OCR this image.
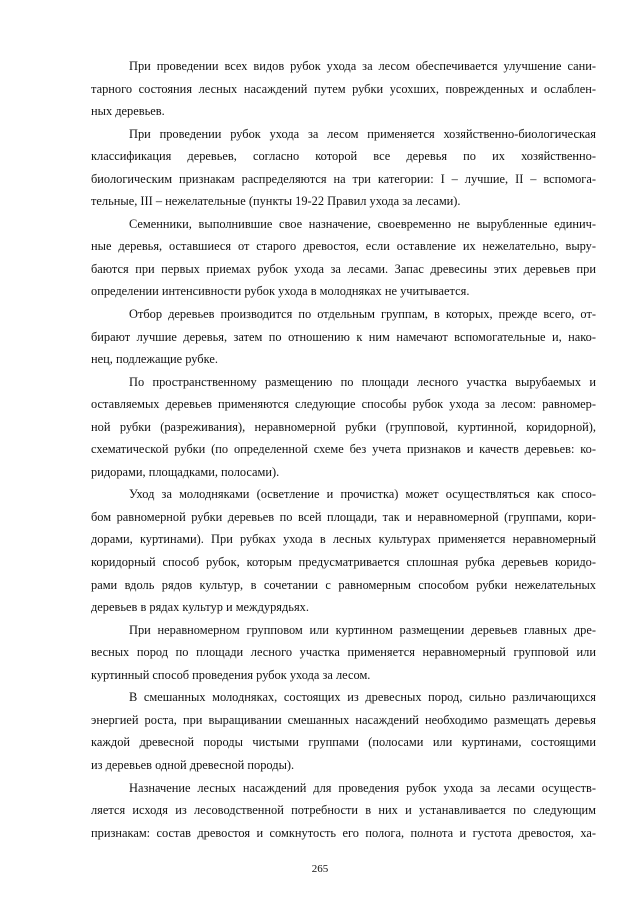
При проведении всех видов рубок ухода за лесом обеспечивается улучшение сани-
тарного состояния лесных насаждений путем рубки усохших, поврежденных и ослаблен-
ных деревьев.
При проведении рубок ухода за лесом применяется хозяйственно-биологическая
классификация деревьев, согласно которой все деревья по их хозяйственно-
биологическим признакам распределяются на три категории: I – лучшие, II – вспомога-
тельные, III – нежелательные (пункты 19-22 Правил ухода за лесами).
Семенники, выполнившие свое назначение, своевременно не вырубленные единич-
ные деревья, оставшиеся от старого древостоя, если оставление их нежелательно, выру-
баются при первых приемах рубок ухода за лесами. Запас древесины этих деревьев при
определении интенсивности рубок ухода в молодняках не учитывается.
Отбор деревьев производится по отдельным группам, в которых, прежде всего, от-
бирают лучшие деревья, затем по отношению к ним намечают вспомогательные и, нако-
нец, подлежащие рубке.
По пространственному размещению по площади лесного участка вырубаемых и
оставляемых деревьев применяются следующие способы рубок ухода за лесом: равномер-
ной рубки (разреживания), неравномерной рубки (групповой, куртинной, коридорной),
схематической рубки (по определенной схеме без учета признаков и качеств деревьев: ко-
ридорами, площадками, полосами).
Уход за молодняками (осветление и прочистка) может осуществляться как спосо-
бом равномерной рубки деревьев по всей площади, так и неравномерной (группами, кори-
дорами, куртинами). При рубках ухода в лесных культурах применяется неравномерный
коридорный способ рубок, которым предусматривается сплошная рубка деревьев коридо-
рами вдоль рядов культур, в сочетании с равномерным способом рубки нежелательных
деревьев в рядах культур и междурядьях.
При неравномерном групповом или куртинном размещении деревьев главных дре-
весных пород по площади лесного участка применяется неравномерный групповой или
куртинный способ проведения рубок ухода за лесом.
В смешанных молодняках, состоящих из древесных пород, сильно различающихся
энергией роста, при выращивании смешанных насаждений необходимо размещать деревья
каждой древесной породы чистыми группами (полосами или куртинами, состоящими
из деревьев одной древесной породы).
Назначение лесных насаждений для проведения рубок ухода за лесами осуществ-
ляется исходя из лесоводственной потребности в них и устанавливается по следующим
признакам: состав древостоя и сомкнутость его полога, полнота и густота древостоя, ха-
265
